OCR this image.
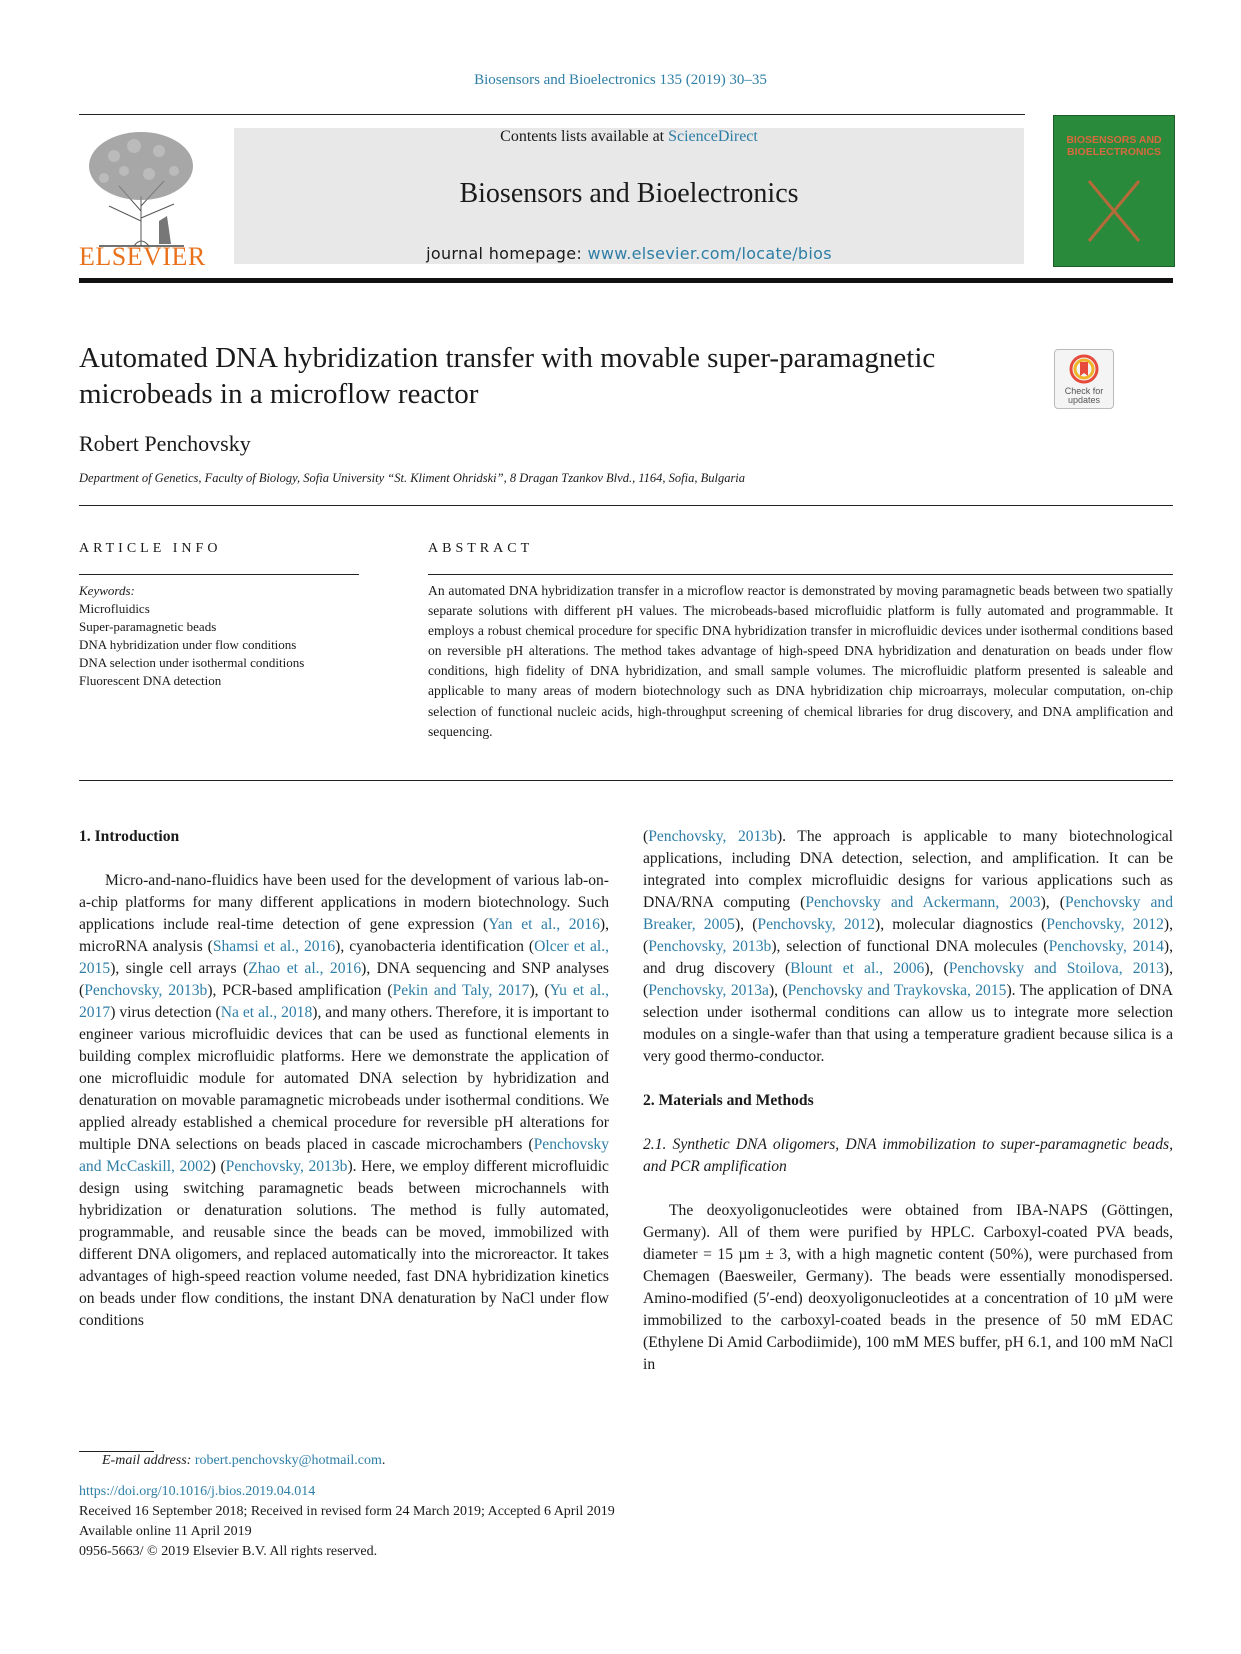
Biosensors and Bioelectronics 135 (2019) 30–35
ELSEVIER
Contents lists available at ScienceDirect
Biosensors and Bioelectronics
journal homepage: www.elsevier.com/locate/bios
BIOSENSORS AND BIOELECTRONICS
Automated DNA hybridization transfer with movable super-paramagnetic microbeads in a microflow reactor	Check for updates
Robert Penchovsky
Department of Genetics, Faculty of Biology, Sofia University “St. Kliment Ohridski”, 8 Dragan Tzankov Blvd., 1164, Sofia, Bulgaria
ARTICLE INFO	ABSTRACT
Keywords:
Microfluidics
Super-paramagnetic beads
DNA hybridization under flow conditions
DNA selection under isothermal conditions
Fluorescent DNA detection
An automated DNA hybridization transfer in a microflow reactor is demonstrated by moving paramagnetic beads between two spatially separate solutions with different pH values. The microbeads-based microfluidic platform is fully automated and programmable. It employs a robust chemical procedure for specific DNA hybridization transfer in microfluidic devices under isothermal conditions based on reversible pH alterations. The method takes advantage of high-speed DNA hybridization and denaturation on beads under flow conditions, high fidelity of DNA hybridization, and small sample volumes. The microfluidic platform presented is saleable and applicable to many areas of modern biotechnology such as DNA hybridization chip microarrays, molecular computation, on-chip selection of functional nucleic acids, high-throughput screening of chemical libraries for drug discovery, and DNA amplification and sequencing.
1. Introduction

Micro-and-nano-fluidics have been used for the development of various lab-on-a-chip platforms for many different applications in modern biotechnology. Such applications include real-time detection of gene expression (Yan et al., 2016), microRNA analysis (Shamsi et al., 2016), cyanobacteria identification (Olcer et al., 2015), single cell arrays (Zhao et al., 2016), DNA sequencing and SNP analyses (Penchovsky, 2013b), PCR-based amplification (Pekin and Taly, 2017), (Yu et al., 2017) virus detection (Na et al., 2018), and many others. Therefore, it is important to engineer various microfluidic devices that can be used as functional elements in building complex microfluidic platforms. Here we demonstrate the application of one microfluidic module for automated DNA selection by hybridization and denaturation on movable paramagnetic microbeads under isothermal conditions. We applied already established a chemical procedure for reversible pH alterations for multiple DNA selections on beads placed in cascade microchambers (Penchovsky and McCaskill, 2002) (Penchovsky, 2013b). Here, we employ different microfluidic design using switching paramagnetic beads between microchannels with hybridization or denaturation solutions. The method is fully automated, programmable, and reusable since the beads can be moved, immobilized with different DNA oligomers, and replaced automatically into the microreactor. It takes advantages of high-speed reaction volume needed, fast DNA hybridization kinetics on beads under flow conditions, the instant DNA denaturation by NaCl under flow conditions

(Penchovsky, 2013b). The approach is applicable to many biotechnological applications, including DNA detection, selection, and amplification. It can be integrated into complex microfluidic designs for various applications such as DNA/RNA computing (Penchovsky and Ackermann, 2003), (Penchovsky and Breaker, 2005), (Penchovsky, 2012), molecular diagnostics (Penchovsky, 2012), (Penchovsky, 2013b), selection of functional DNA molecules (Penchovsky, 2014), and drug discovery (Blount et al., 2006), (Penchovsky and Stoilova, 2013), (Penchovsky, 2013a), (Penchovsky and Traykovska, 2015). The application of DNA selection under isothermal conditions can allow us to integrate more selection modules on a single-wafer than that using a temperature gradient because silica is a very good thermo-conductor.

2. Materials and Methods
2.1. Synthetic DNA oligomers, DNA immobilization to super-paramagnetic beads, and PCR amplification

The deoxyoligonucleotides were obtained from IBA-NAPS (Göttingen, Germany). All of them were purified by HPLC. Carboxyl-coated PVA beads, diameter = 15 µm ± 3, with a high magnetic content (50%), were purchased from Chemagen (Baesweiler, Germany). The beads were essentially monodispersed. Amino-modified (5′-end) deoxyoligonucleotides at a concentration of 10 µM were immobilized to the carboxyl-coated beads in the presence of 50 mM EDAC (Ethylene Di Amid Carbodiimide), 100 mM MES buffer, pH 6.1, and 100 mM NaCl in

E-mail address: robert.penchovsky@hotmail.com.
https://doi.org/10.1016/j.bios.2019.04.014
Received 16 September 2018; Received in revised form 24 March 2019; Accepted 6 April 2019
Available online 11 April 2019
0956-5663/ © 2019 Elsevier B.V. All rights reserved.
